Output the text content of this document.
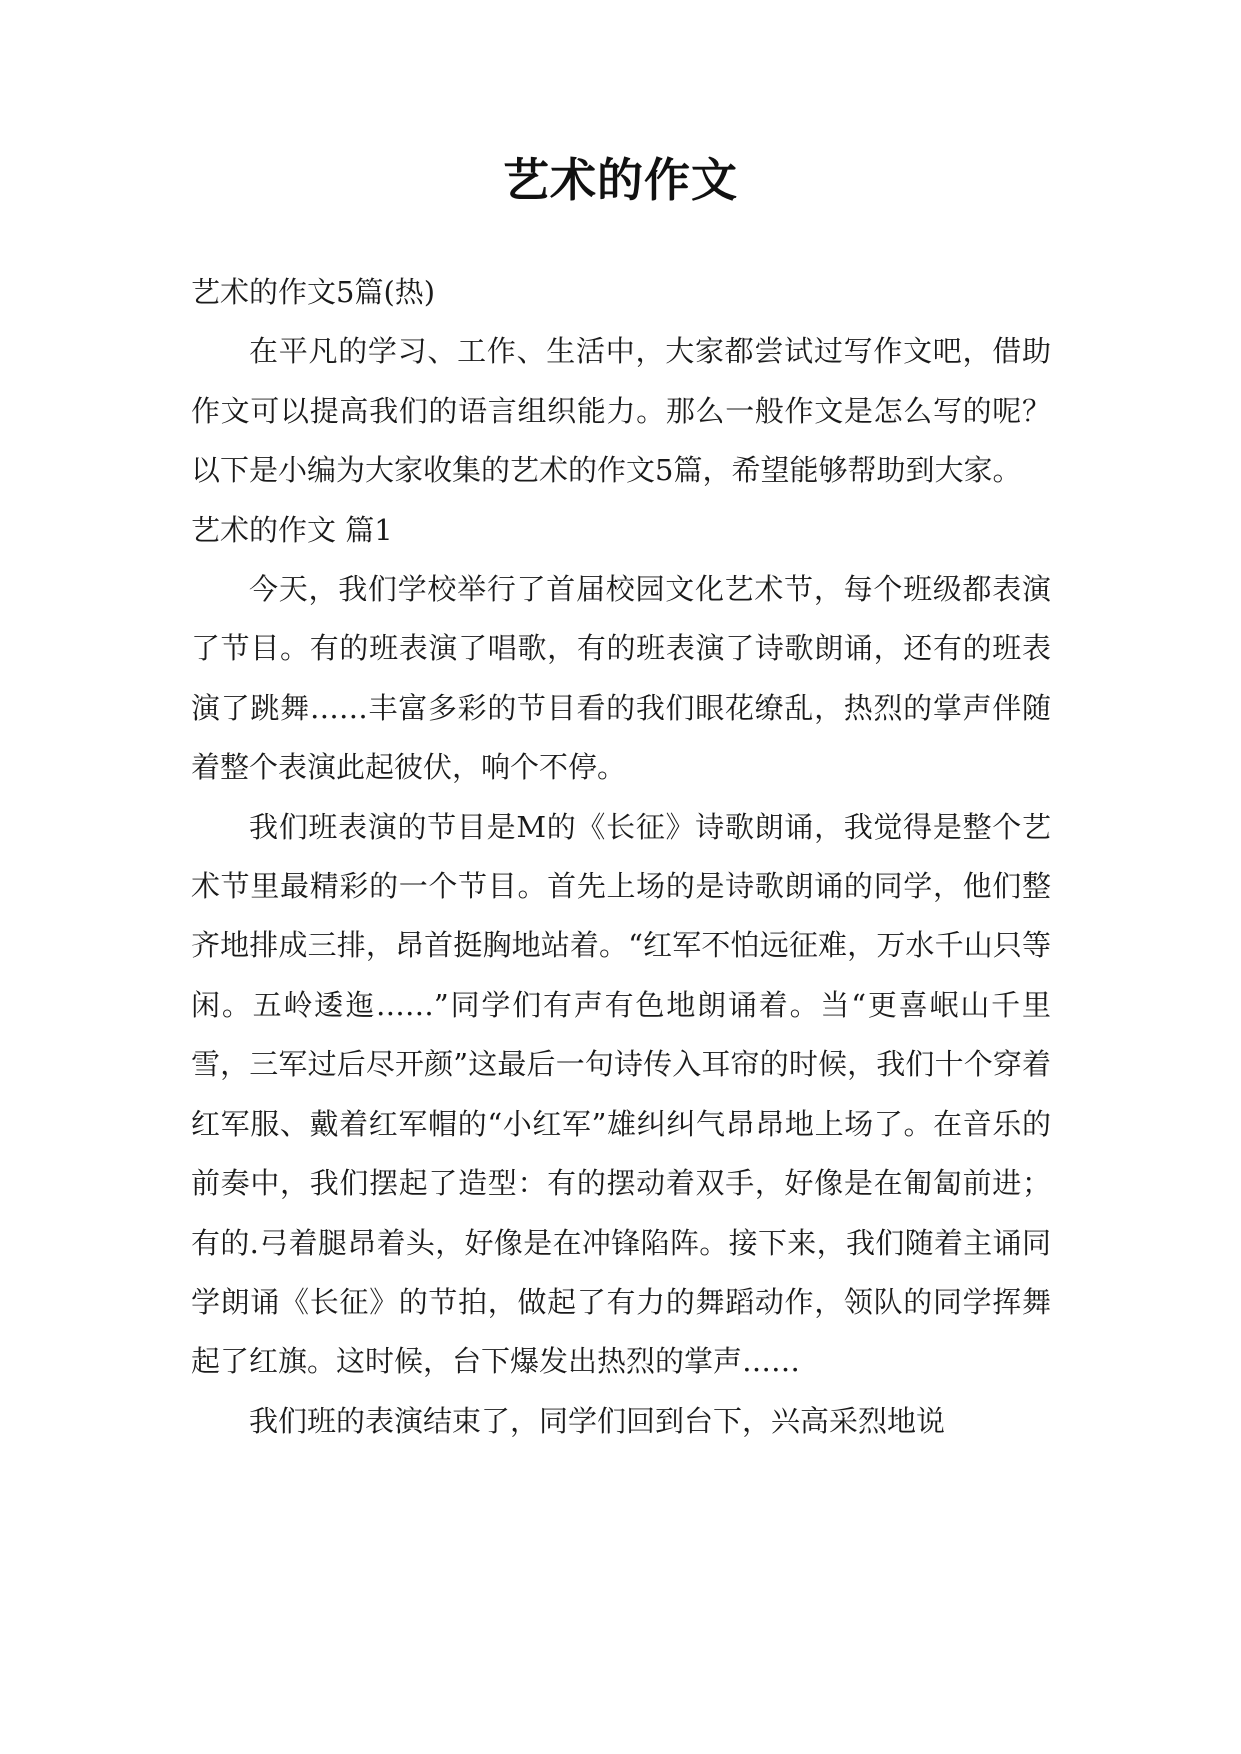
艺术的作文

艺术的作文5篇(热)

在平凡的学习、工作、生活中，大家都尝试过写作文吧，借助作文可以提高我们的语言组织能力。那么一般作文是怎么写的呢？以下是小编为大家收集的艺术的作文5篇，希望能够帮助到大家。

艺术的作文 篇1

今天，我们学校举行了首届校园文化艺术节，每个班级都表演了节目。有的班表演了唱歌，有的班表演了诗歌朗诵，还有的班表演了跳舞……丰富多彩的节目看的我们眼花缭乱，热烈的掌声伴随着整个表演此起彼伏，响个不停。

我们班表演的节目是M的《长征》诗歌朗诵，我觉得是整个艺术节里最精彩的一个节目。首先上场的是诗歌朗诵的同学，他们整齐地排成三排，昂首挺胸地站着。“红军不怕远征难，万水千山只等闲。五岭逶迤……”同学们有声有色地朗诵着。当“更喜岷山千里雪，三军过后尽开颜”这最后一句诗传入耳帘的时候，我们十个穿着红军服、戴着红军帽的“小红军”雄纠纠气昂昂地上场了。在音乐的前奏中，我们摆起了造型：有的摆动着双手，好像是在匍匐前进；有的.弓着腿昂着头，好像是在冲锋陷阵。接下来，我们随着主诵同学朗诵《长征》的节拍，做起了有力的舞蹈动作，领队的同学挥舞起了红旗。这时候，台下爆发出热烈的掌声……

我们班的表演结束了，同学们回到台下，兴高采烈地说
